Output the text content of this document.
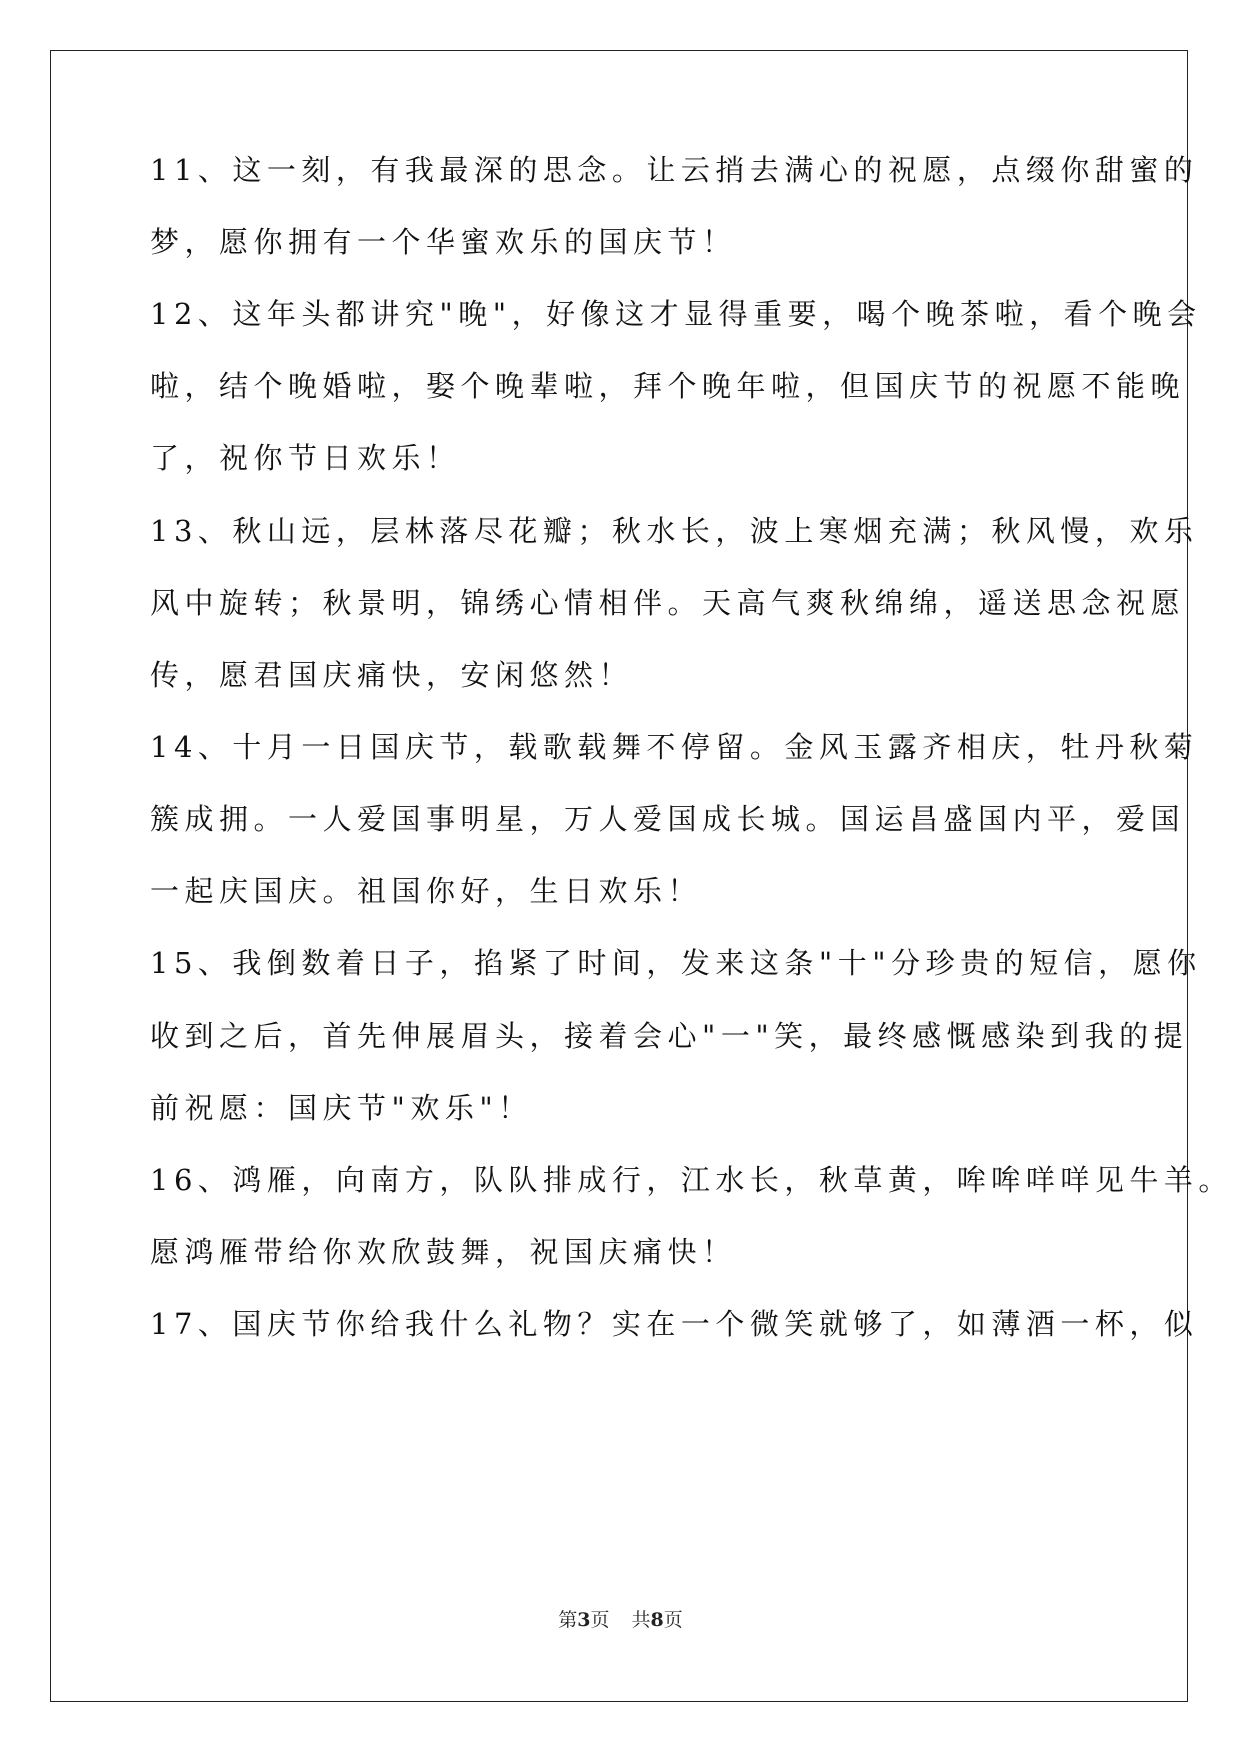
11、这一刻，有我最深的思念。让云捎去满心的祝愿，点缀你甜蜜的
梦，愿你拥有一个华蜜欢乐的国庆节！
12、这年头都讲究"晚"，好像这才显得重要，喝个晚茶啦，看个晚会
啦，结个晚婚啦，娶个晚辈啦，拜个晚年啦，但国庆节的祝愿不能晚
了，祝你节日欢乐！
13、秋山远，层林落尽花瓣；秋水长，波上寒烟充满；秋风慢，欢乐
风中旋转；秋景明，锦绣心情相伴。天高气爽秋绵绵，遥送思念祝愿
传，愿君国庆痛快，安闲悠然！
14、十月一日国庆节，载歌载舞不停留。金风玉露齐相庆，牡丹秋菊
簇成拥。一人爱国事明星，万人爱国成长城。国运昌盛国内平，爱国
一起庆国庆。祖国你好，生日欢乐！
15、我倒数着日子，掐紧了时间，发来这条"十"分珍贵的短信，愿你
收到之后，首先伸展眉头，接着会心"一"笑，最终感慨感染到我的提
前祝愿：国庆节"欢乐"！
16、鸿雁，向南方，队队排成行，江水长，秋草黄，哞哞咩咩见牛羊。
愿鸿雁带给你欢欣鼓舞，祝国庆痛快！
17、国庆节你给我什么礼物？实在一个微笑就够了，如薄酒一杯，似
第3页 共8页
